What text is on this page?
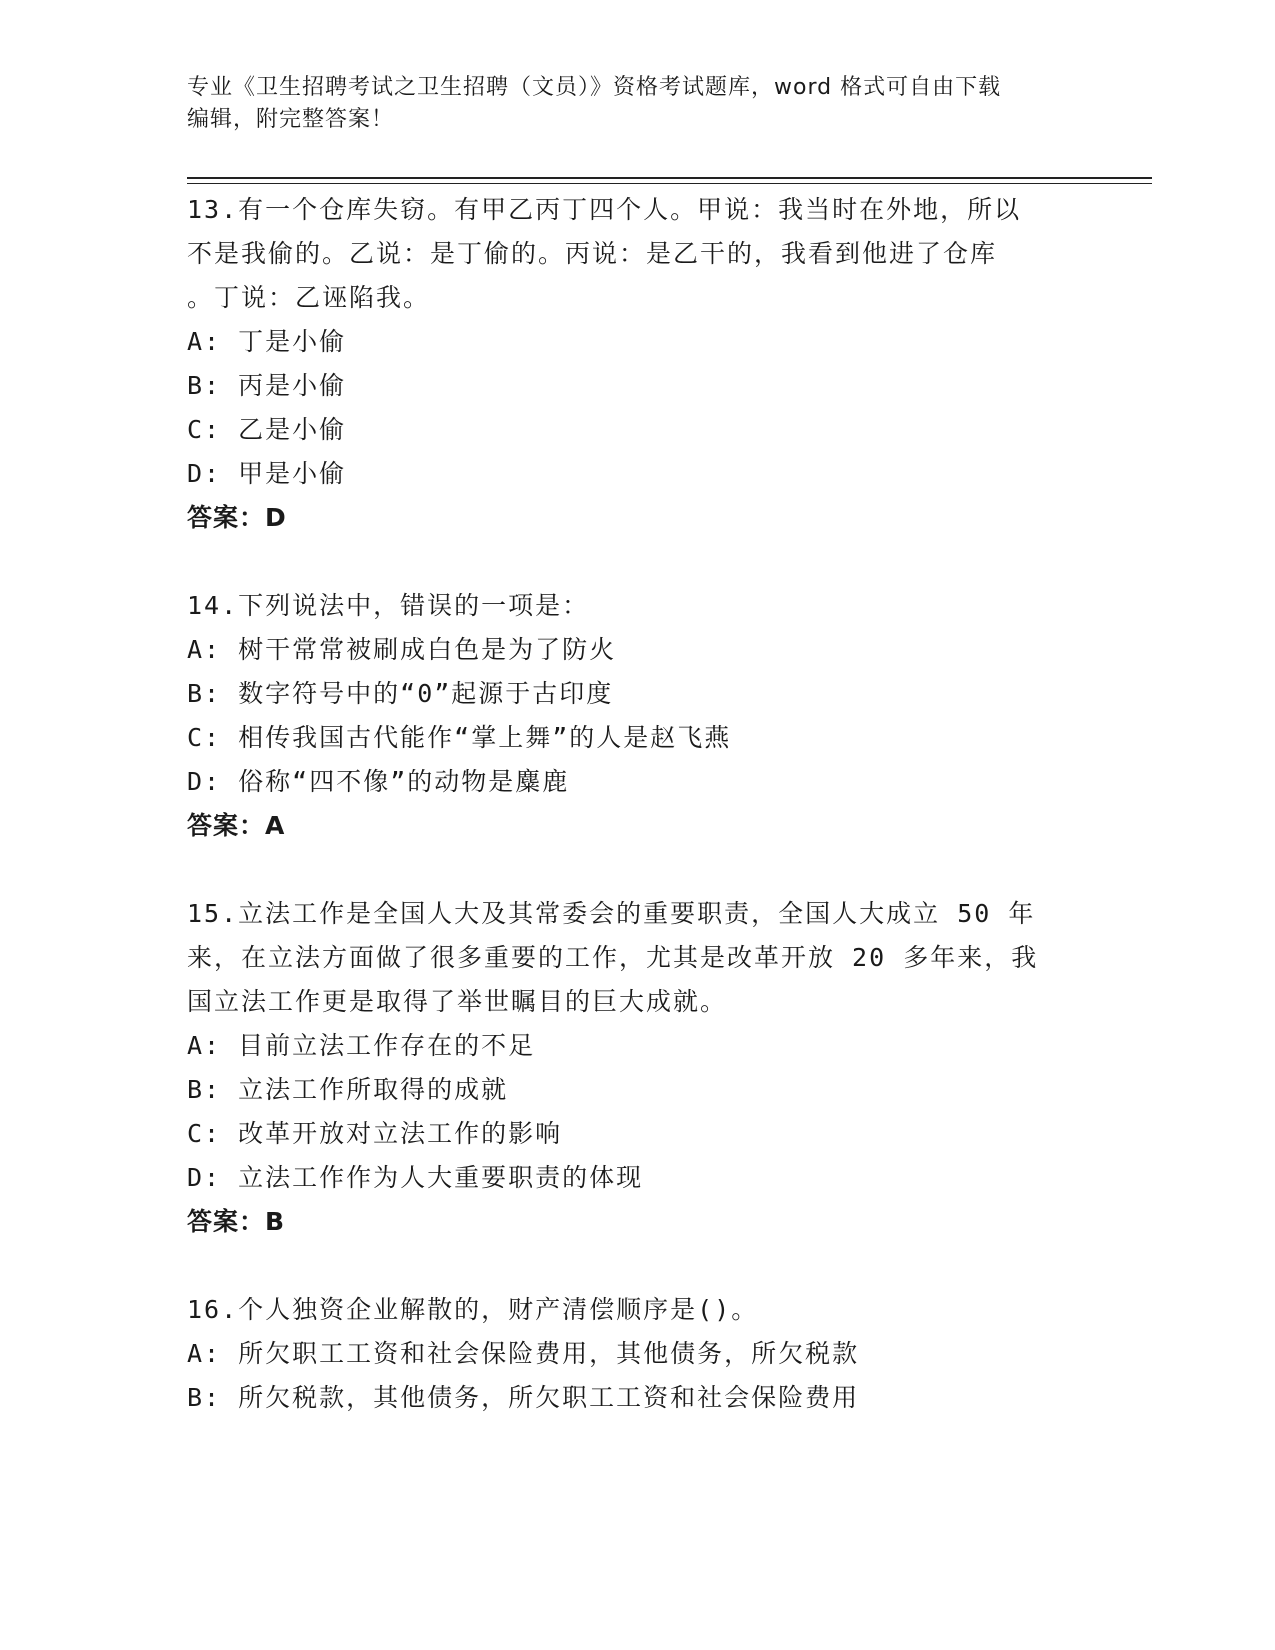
专业《卫生招聘考试之卫生招聘（文员）》资格考试题库，word 格式可自由下载
编辑，附完整答案！
13.有一个仓库失窃。有甲乙丙丁四个人。甲说：我当时在外地，所以
不是我偷的。乙说：是丁偷的。丙说：是乙干的，我看到他进了仓库
。丁说：乙诬陷我。
A: 丁是小偷
B: 丙是小偷
C: 乙是小偷
D: 甲是小偷
答案：D
14.下列说法中，错误的一项是：
A: 树干常常被刷成白色是为了防火
B: 数字符号中的“0”起源于古印度
C: 相传我国古代能作“掌上舞”的人是赵飞燕
D: 俗称“四不像”的动物是麋鹿
答案：A
15.立法工作是全国人大及其常委会的重要职责，全国人大成立 50 年
来，在立法方面做了很多重要的工作，尤其是改革开放 20 多年来，我
国立法工作更是取得了举世瞩目的巨大成就。
A: 目前立法工作存在的不足
B: 立法工作所取得的成就
C: 改革开放对立法工作的影响
D: 立法工作作为人大重要职责的体现
答案：B
16.个人独资企业解散的，财产清偿顺序是()。
A: 所欠职工工资和社会保险费用，其他债务，所欠税款
B: 所欠税款，其他债务，所欠职工工资和社会保险费用
